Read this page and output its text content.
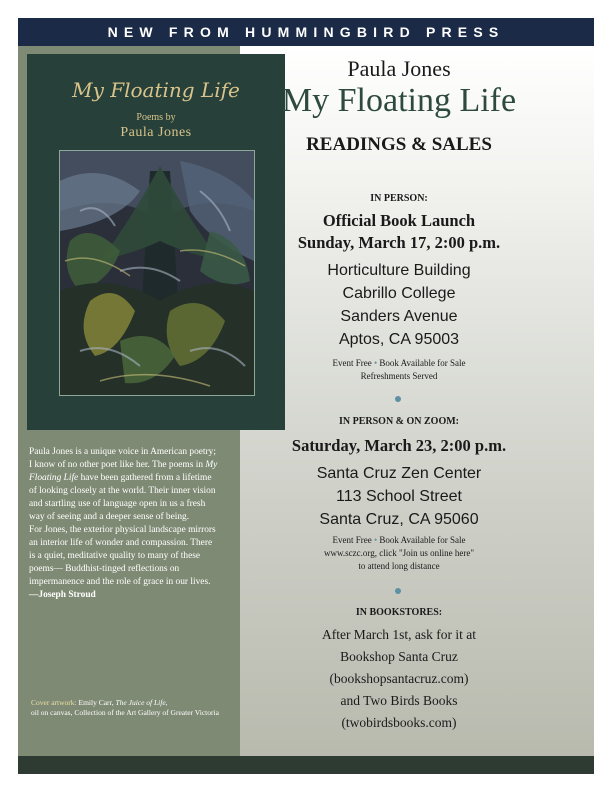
NEW FROM HUMMINGBIRD PRESS
My Floating Life
Poems by
Paula Jones

Paula Jones is a unique voice in American poetry; I know of no other poet like her. The poems in My Floating Life have been gathered from a lifetime of looking closely at the world. Their inner vision and startling use of language open in us a fresh way of seeing and a deeper sense of being.

For Jones, the exterior physical landscape mirrors an interior life of wonder and compassion. There is a quiet, meditative quality to many of these poems— Buddhist-tinged reflections on impermanence and the role of grace in our lives.

—Joseph Stroud

Cover artwork: Emily Carr, The Juice of Life,
oil on canvas, Collection of the Art Gallery of Greater Victoria
Paula Jones
My Floating Life
READINGS & SALES
IN PERSON:
Official Book Launch
Sunday, March 17, 2:00 p.m.
Horticulture Building
Cabrillo College
Sanders Avenue
Aptos, CA 95003
Event Free • Book Available for Sale
Refreshments Served
IN PERSON & ON ZOOM:
Saturday, March 23, 2:00 p.m.
Santa Cruz Zen Center
113 School Street
Santa Cruz, CA 95060
Event Free • Book Available for Sale
www.sczc.org, click "Join us online here"
to attend long distance
IN BOOKSTORES:
After March 1st, ask for it at
Bookshop Santa Cruz
(bookshopsantacruz.com)
and Two Birds Books
(twobirdsbooks.com)
